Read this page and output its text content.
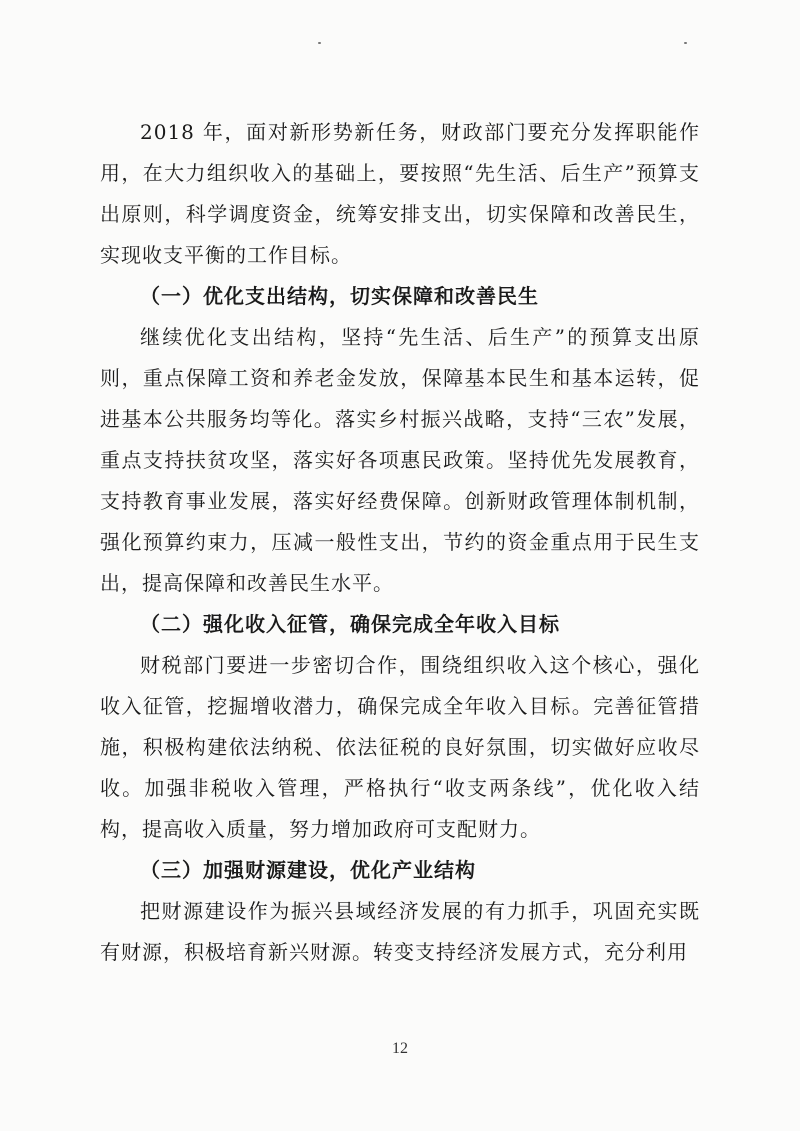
2018 年，面对新形势新任务，财政部门要充分发挥职能作用，在大力组织收入的基础上，要按照“先生活、后生产”预算支出原则，科学调度资金，统筹安排支出，切实保障和改善民生，实现收支平衡的工作目标。

（一）优化支出结构，切实保障和改善民生

继续优化支出结构，坚持“先生活、后生产”的预算支出原则，重点保障工资和养老金发放，保障基本民生和基本运转，促进基本公共服务均等化。落实乡村振兴战略，支持“三农”发展，重点支持扶贫攻坚，落实好各项惠民政策。坚持优先发展教育，支持教育事业发展，落实好经费保障。创新财政管理体制机制，强化预算约束力，压减一般性支出，节约的资金重点用于民生支出，提高保障和改善民生水平。

（二）强化收入征管，确保完成全年收入目标

财税部门要进一步密切合作，围绕组织收入这个核心，强化收入征管，挖掘增收潜力，确保完成全年收入目标。完善征管措施，积极构建依法纳税、依法征税的良好氛围，切实做好应收尽收。加强非税收入管理，严格执行“收支两条线”，优化收入结构，提高收入质量，努力增加政府可支配财力。

（三）加强财源建设，优化产业结构

把财源建设作为振兴县域经济发展的有力抓手，巩固充实既有财源，积极培育新兴财源。转变支持经济发展方式，充分利用

12
